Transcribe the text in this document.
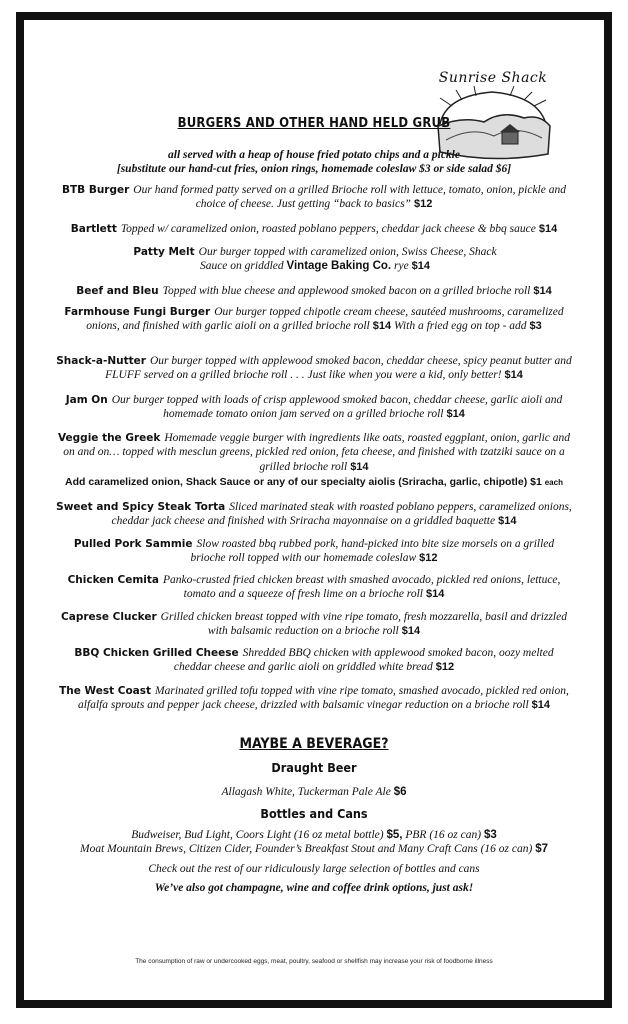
Sunrise Shack
BURGERS AND OTHER HAND HELD GRUB
all served with a heap of house fried potato chips and a pickle
[substitute our hand-cut fries, onion rings, homemade coleslaw $3 or side salad $6]
BTB Burger Our hand formed patty served on a grilled Brioche roll with lettuce, tomato, onion, pickle and choice of cheese. Just getting “back to basics” $12
Bartlett Topped w/ caramelized onion, roasted poblano peppers, cheddar jack cheese & bbq sauce $14
Patty Melt Our burger topped with caramelized onion, Swiss Cheese, Shack Sauce on griddled Vintage Baking Co. rye $14
Beef and Bleu Topped with blue cheese and applewood smoked bacon on a grilled brioche roll $14
Farmhouse Fungi Burger Our burger topped chipotle cream cheese, sautéed mushrooms, caramelized onions, and finished with garlic aioli on a grilled brioche roll $14 With a fried egg on top - add $3
Shack-a-Nutter Our burger topped with applewood smoked bacon, cheddar cheese, spicy peanut butter and FLUFF served on a grilled brioche roll . . . Just like when you were a kid, only better! $14
Jam On Our burger topped with loads of crisp applewood smoked bacon, cheddar cheese, garlic aioli and homemade tomato onion jam served on a grilled brioche roll $14
Veggie the Greek Homemade veggie burger with ingredients like oats, roasted eggplant, onion, garlic and on and on… topped with mesclun greens, pickled red onion, feta cheese, and finished with tzatziki sauce on a grilled brioche roll $14
Add caramelized onion, Shack Sauce or any of our specialty aiolis (Sriracha, garlic, chipotle) $1 each
Sweet and Spicy Steak Torta Sliced marinated steak with roasted poblano peppers, caramelized onions, cheddar jack cheese and finished with Sriracha mayonnaise on a griddled baquette $14
Pulled Pork Sammie Slow roasted bbq rubbed pork, hand-picked into bite size morsels on a grilled brioche roll topped with our homemade coleslaw $12
Chicken Cemita Panko-crusted fried chicken breast with smashed avocado, pickled red onions, lettuce, tomato and a squeeze of fresh lime on a brioche roll $14
Caprese Clucker Grilled chicken breast topped with vine ripe tomato, fresh mozzarella, basil and drizzled with balsamic reduction on a brioche roll $14
BBQ Chicken Grilled Cheese Shredded BBQ chicken with applewood smoked bacon, oozy melted cheddar cheese and garlic aioli on griddled white bread $12
The West Coast Marinated grilled tofu topped with vine ripe tomato, smashed avocado, pickled red onion, alfalfa sprouts and pepper jack cheese, drizzled with balsamic vinegar reduction on a brioche roll $14
MAYBE A BEVERAGE?
Draught Beer
Allagash White, Tuckerman Pale Ale $6
Bottles and Cans
Budweiser, Bud Light, Coors Light (16 oz metal bottle) $5, PBR (16 oz can) $3
Moat Mountain Brews, Citizen Cider, Founder’s Breakfast Stout and Many Craft Cans (16 oz can) $7
Check out the rest of our ridiculously large selection of bottles and cans
We’ve also got champagne, wine and coffee drink options, just ask!
The consumption of raw or undercooked eggs, meat, poultry, seafood or shellfish may increase your risk of foodborne illness
